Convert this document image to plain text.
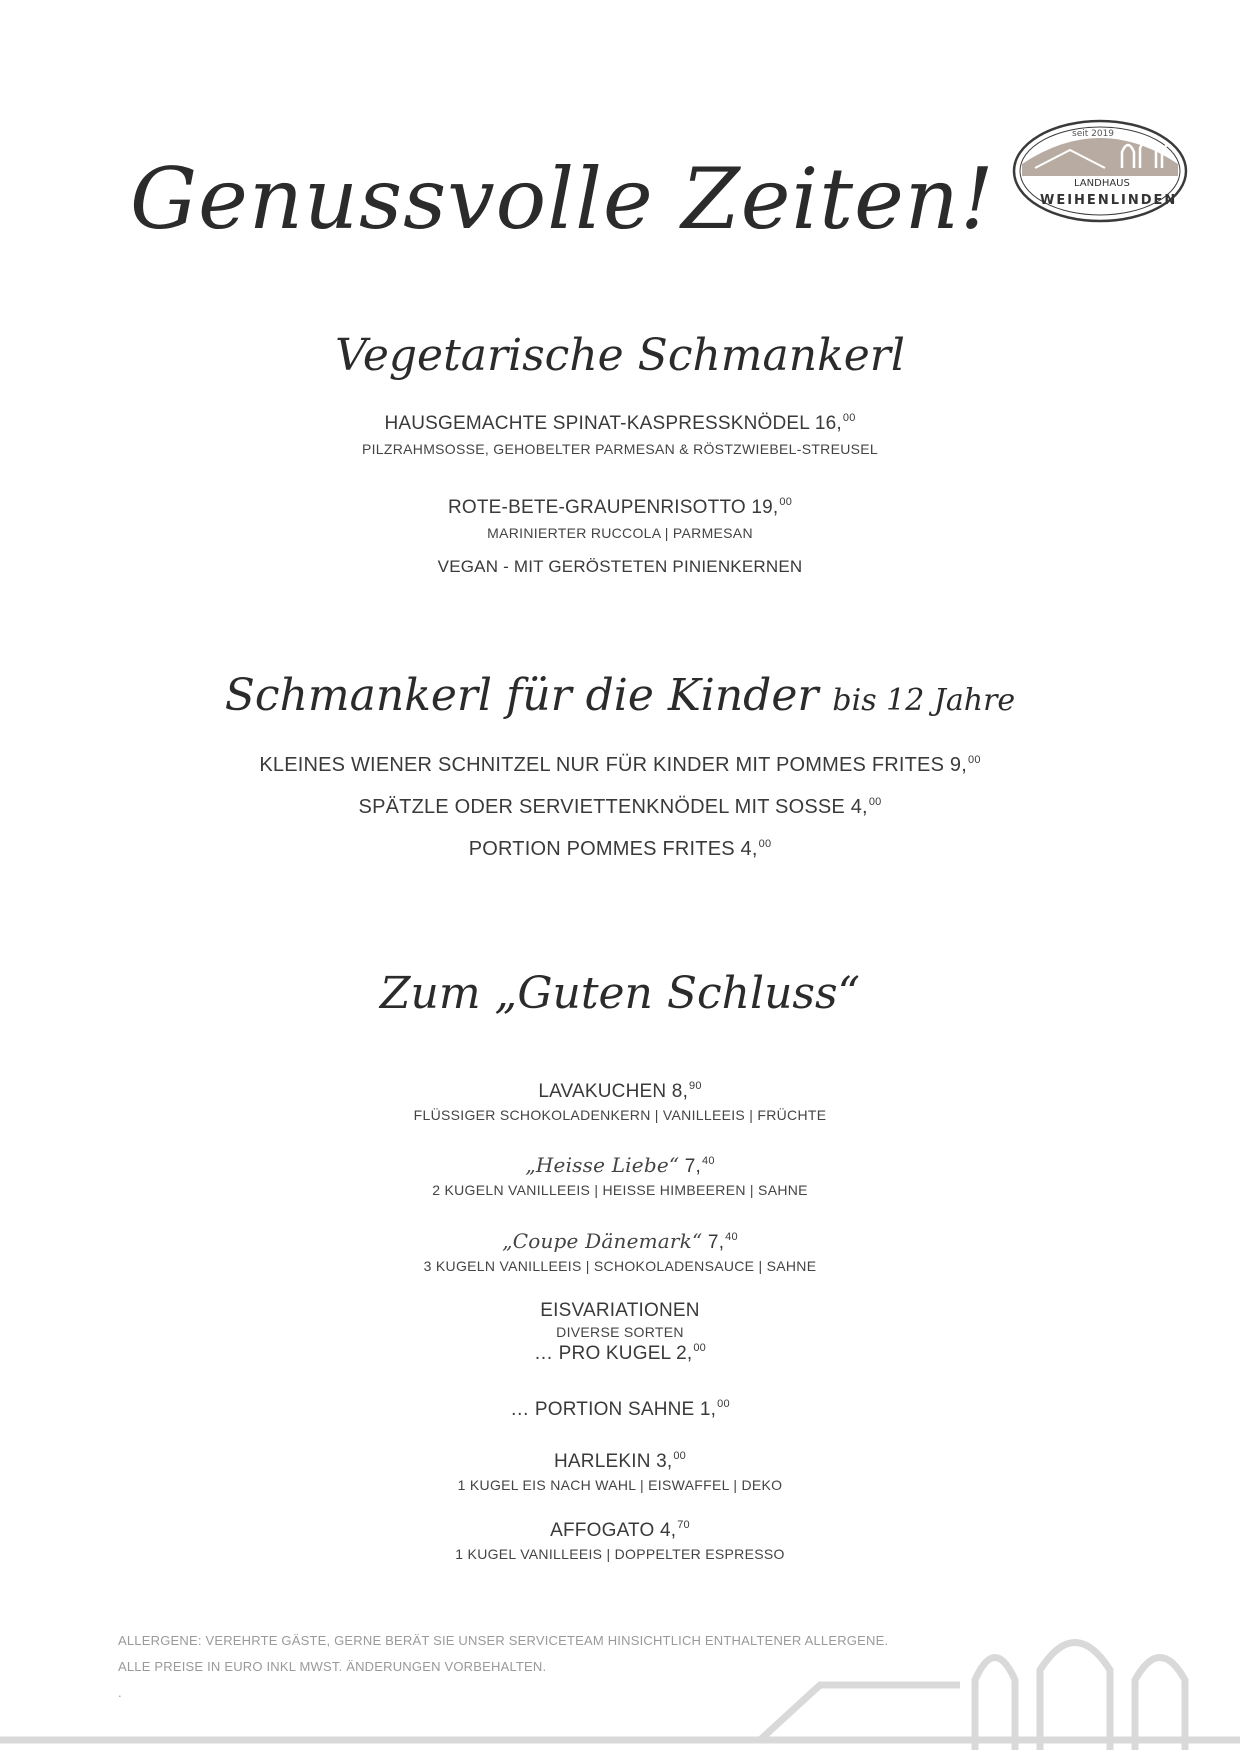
Genussvolle Zeiten!
seit 2019
LANDHAUS
WEIHENLINDEN
Vegetarische Schmankerl
HAUSGEMACHTE SPINAT-KASPRESSKNÖDEL 16,00
PILZRAHMSOSSE, GEHOBELTER PARMESAN & RÖSTZWIEBEL-STREUSEL
ROTE-BETE-GRAUPENRISOTTO 19,00
MARINIERTER RUCCOLA | PARMESAN
VEGAN - MIT GERÖSTETEN PINIENKERNEN
Schmankerl für die Kinder bis 12 Jahre
KLEINES WIENER SCHNITZEL NUR FÜR KINDER MIT POMMES FRITES 9,00
SPÄTZLE ODER SERVIETTENKNÖDEL MIT SOSSE 4,00
PORTION POMMES FRITES 4,00
Zum „Guten Schluss“
LAVAKUCHEN 8,90
FLÜSSIGER SCHOKOLADENKERN | VANILLEEIS | FRÜCHTE
„Heisse Liebe“ 7,40
2 KUGELN VANILLEEIS | HEISSE HIMBEEREN | SAHNE
„Coupe Dänemark“ 7,40
3 KUGELN VANILLEEIS | SCHOKOLADENSAUCE | SAHNE
EISVARIATIONEN
DIVERSE SORTEN
… PRO KUGEL 2,00
… PORTION SAHNE 1,00
HARLEKIN 3,00
1 KUGEL EIS NACH WAHL | EISWAFFEL | DEKO
AFFOGATO 4,70
1 KUGEL VANILLEEIS | DOPPELTER ESPRESSO
ALLERGENE: VEREHRTE GÄSTE, GERNE BERÄT SIE UNSER SERVICETEAM HINSICHTLICH ENTHALTENER ALLERGENE.
ALLE PREISE IN EURO INKL MWST. ÄNDERUNGEN VORBEHALTEN.
.
